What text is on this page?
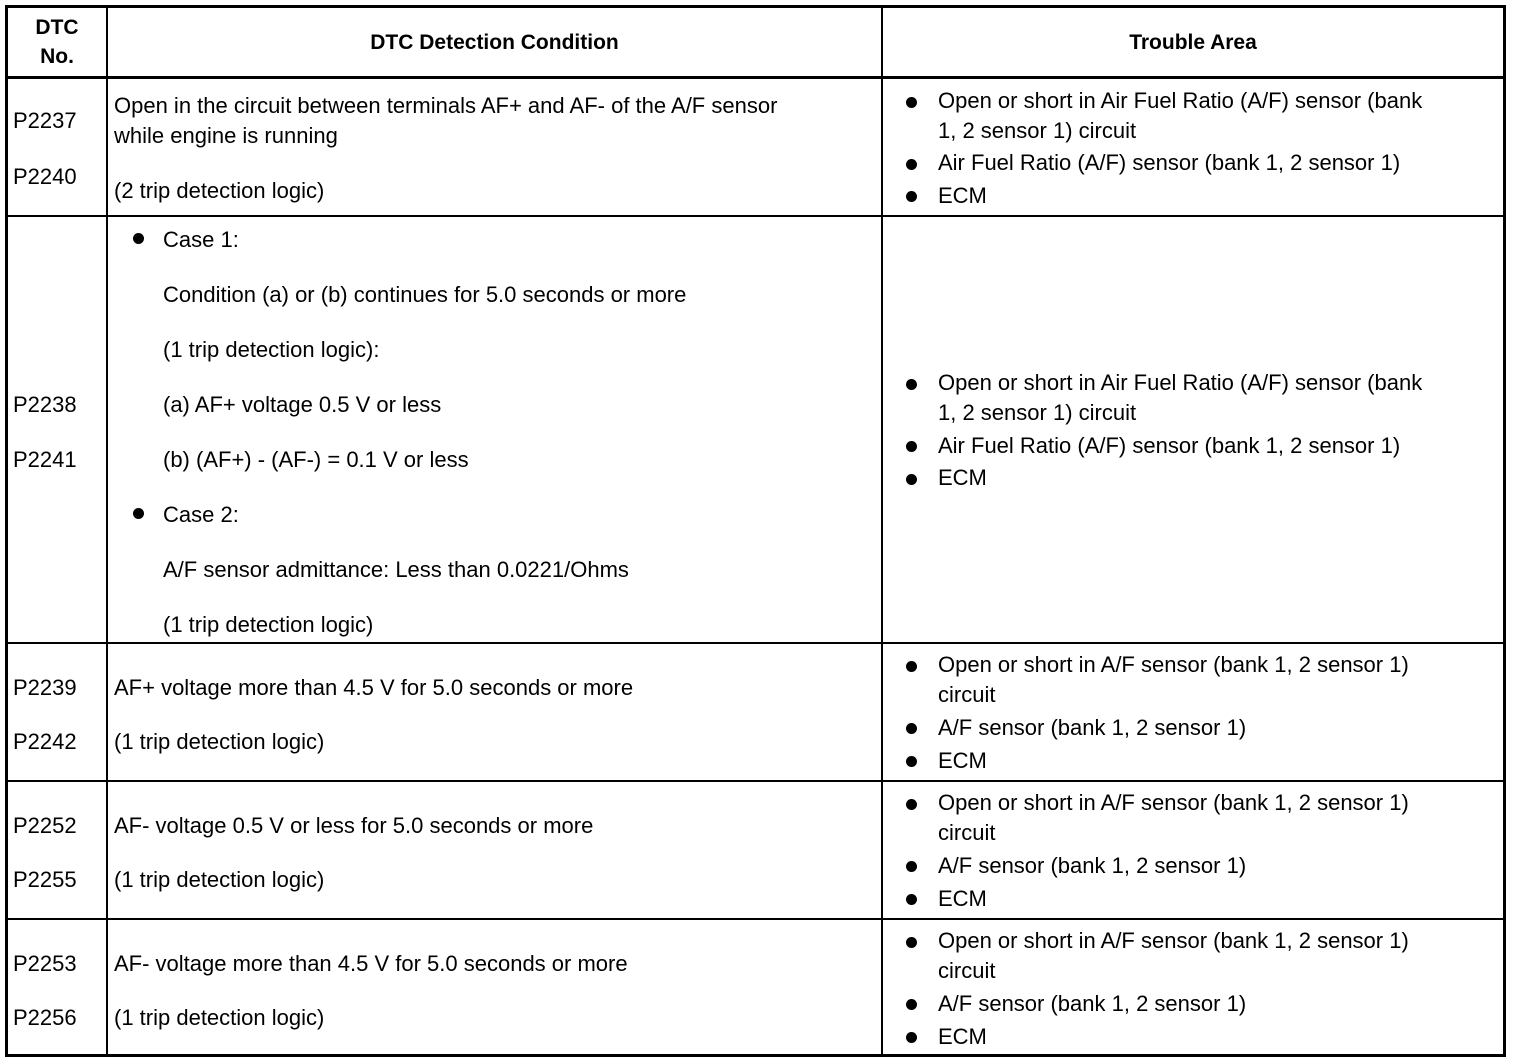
DTC No.
DTC Detection Condition	Trouble Area
P2237
P2240
Open in the circuit between terminals AF+ and AF- of the A/F sensor
while engine is running
(2 trip detection logic)
Open or short in Air Fuel Ratio (A/F) sensor (bank
1, 2 sensor 1) circuit
Air Fuel Ratio (A/F) sensor (bank 1, 2 sensor 1)
ECM
P2238
P2241
Case 1:
Condition (a) or (b) continues for 5.0 seconds or more
(1 trip detection logic):
(a) AF+ voltage 0.5 V or less
(b) (AF+) - (AF-) = 0.1 V or less
Case 2:
A/F sensor admittance: Less than 0.0221/Ohms
(1 trip detection logic)
Open or short in Air Fuel Ratio (A/F) sensor (bank
1, 2 sensor 1) circuit
Air Fuel Ratio (A/F) sensor (bank 1, 2 sensor 1)
ECM
P2239
P2242
AF+ voltage more than 4.5 V for 5.0 seconds or more
(1 trip detection logic)
Open or short in A/F sensor (bank 1, 2 sensor 1)
circuit
A/F sensor (bank 1, 2 sensor 1)
ECM
P2252
P2255
AF- voltage 0.5 V or less for 5.0 seconds or more
(1 trip detection logic)
Open or short in A/F sensor (bank 1, 2 sensor 1)
circuit
A/F sensor (bank 1, 2 sensor 1)
ECM
P2253
P2256
AF- voltage more than 4.5 V for 5.0 seconds or more
(1 trip detection logic)
Open or short in A/F sensor (bank 1, 2 sensor 1)
circuit
A/F sensor (bank 1, 2 sensor 1)
ECM
